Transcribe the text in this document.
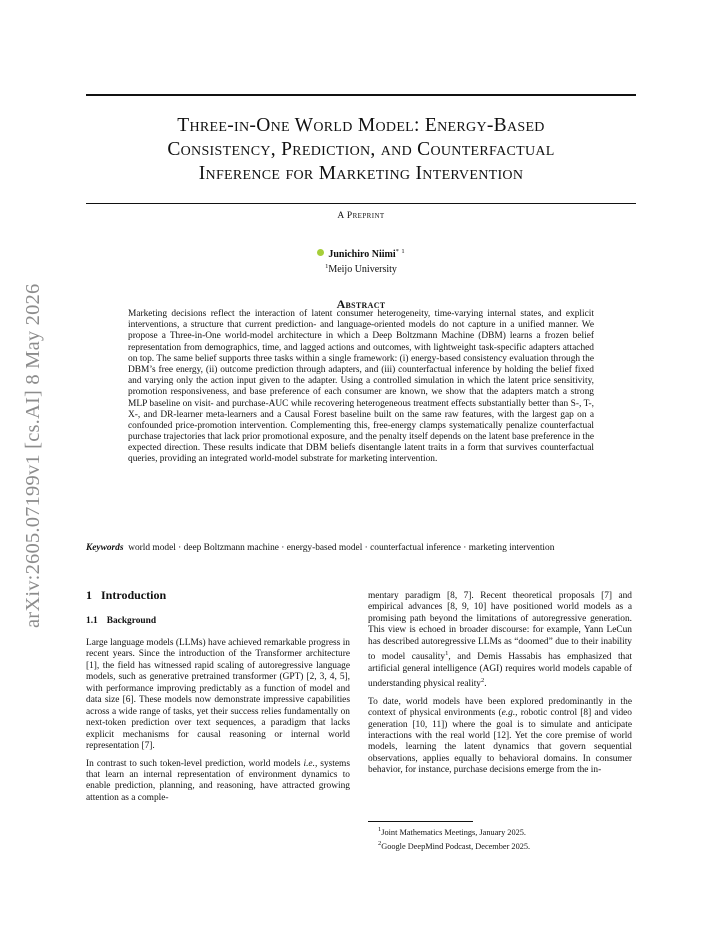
arXiv:2605.07199v1 [cs.AI] 8 May 2026
Three-in-One World Model: Energy-Based
Consistency, Prediction, and Counterfactual
Inference for Marketing Intervention
A Preprint
Junichiro Niimi* $^1$
$^1$Meijo University
Abstract
Marketing decisions reflect the interaction of latent consumer heterogeneity, time-varying internal states, and explicit interventions, a structure that current prediction- and language-oriented models do not capture in a unified manner. We propose a Three-in-One world-model architecture in which a Deep Boltzmann Machine (DBM) learns a frozen belief representation from demographics, time, and lagged actions and outcomes, with lightweight task-specific adapters attached on top. The same belief supports three tasks within a single framework: (i) energy-based consistency evaluation through the DBM’s free energy, (ii) outcome prediction through adapters, and (iii) counterfactual inference by holding the belief fixed and varying only the action input given to the adapter. Using a controlled simulation in which the latent price sensitivity, promotion responsiveness, and base preference of each consumer are known, we show that the adapters match a strong MLP baseline on visit- and purchase-AUC while recovering heterogeneous treatment effects substantially better than S-, T-, X-, and DR-learner meta-learners and a Causal Forest baseline built on the same raw features, with the largest gap on a confounded price-promotion intervention. Complementing this, free-energy clamps systematically penalize counterfactual purchase trajectories that lack prior promotional exposure, and the penalty itself depends on the latent base preference in the expected direction. These results indicate that DBM beliefs disentangle latent traits in a form that survives counterfactual queries, providing an integrated world-model substrate for marketing intervention.
Keywords world model · deep Boltzmann machine · energy-based model · counterfactual inference · marketing intervention
1 Introduction
1.1 Background

Large language models (LLMs) have achieved remarkable progress in recent years. Since the introduction of the Transformer architecture [1], the field has witnessed rapid scaling of autoregressive language models, such as generative pretrained transformer (GPT) [2, 3, 4, 5], with performance improving predictably as a function of model and data size [6]. These models now demonstrate impressive capabilities across a wide range of tasks, yet their success relies fundamentally on next-token prediction over text sequences, a paradigm that lacks explicit mechanisms for causal reasoning or internal world representation [7].

In contrast to such token-level prediction, world models i.e., systems that learn an internal representation of environment dynamics to enable prediction, planning, and reasoning, have attracted growing attention as a comple-

mentary paradigm [8, 7]. Recent theoretical proposals [7] and empirical advances [8, 9, 10] have positioned world models as a promising path beyond the limitations of autoregressive generation. This view is echoed in broader discourse: for example, Yann LeCun has described autoregressive LLMs as “doomed” due to their inability to model causality$^1$, and Demis Hassabis has emphasized that artificial general intelligence (AGI) requires world models capable of understanding physical reality$^2$.

To date, world models have been explored predominantly in the context of physical environments (e.g., robotic control [8] and video generation [10, 11]) where the goal is to simulate and anticipate interactions with the real world [12]. Yet the core premise of world models, learning the latent dynamics that govern sequential observations, applies equally to behavioral domains. In consumer behavior, for instance, purchase decisions emerge from the in-

$^1$Joint Mathematics Meetings, January 2025.
$^2$Google DeepMind Podcast, December 2025.
